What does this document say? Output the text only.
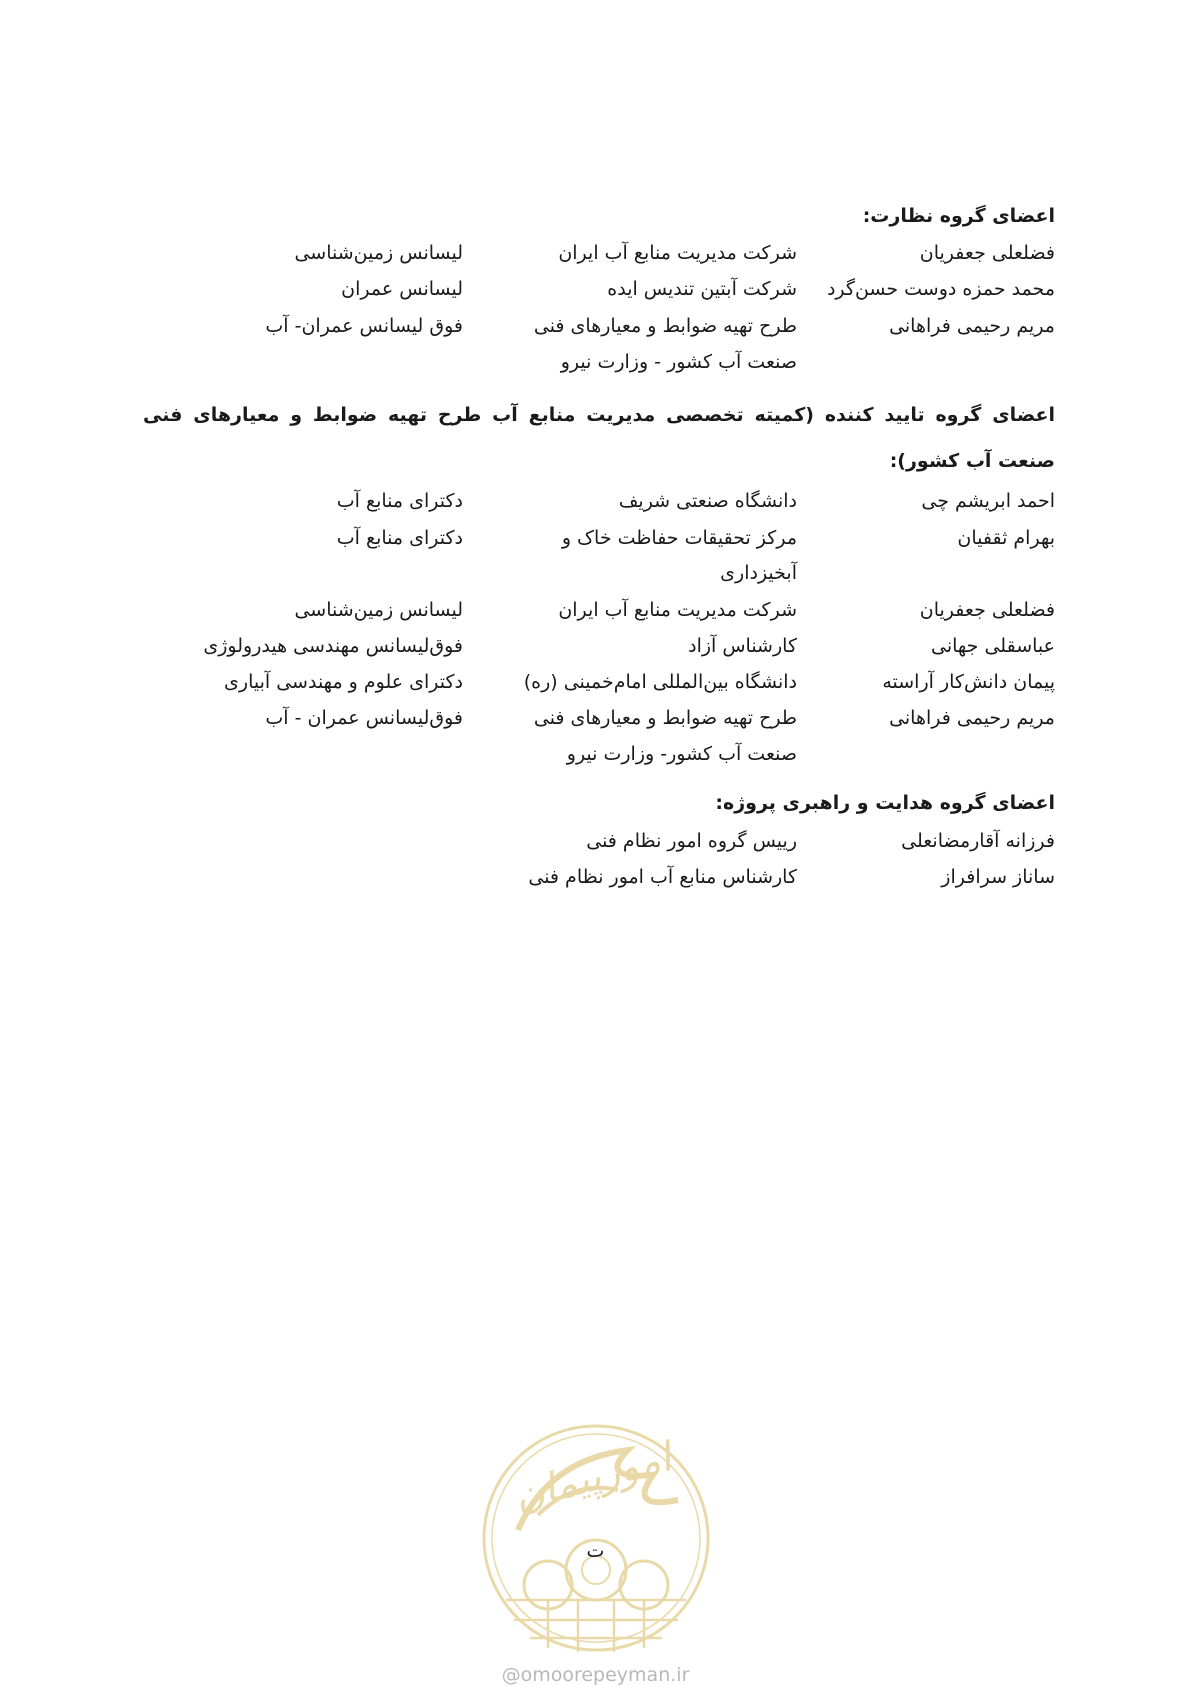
اعضای گروه نظارت:
فضلعلی جعفریان
شرکت مدیریت منابع آب ایران
لیسانس زمین‌شناسی
محمد حمزه دوست حسن‌گرد
شرکت آبتین تندیس ایده
لیسانس عمران
مریم رحیمی فراهانی
طرح تهیه ضوابط و معیارهای فنی
فوق لیسانس عمران- آب
صنعت آب کشور - وزارت نیرو
اعضای گروه تایید کننده (کمیته تخصصی مدیریت منابع آب طرح تهیه ضوابط و معیارهای فنی صنعت آب کشور):
احمد ابریشم چی
دانشگاه صنعتی شریف
دکترای منابع آب
بهرام ثقفیان
مرکز تحقیقات حفاظت خاک و
دکترای منابع آب
آبخیزداری
فضلعلی جعفریان
شرکت مدیریت منابع آب ایران
لیسانس زمین‌شناسی
عباسقلی جهانی
کارشناس آزاد
فوق‌لیسانس مهندسی هیدرولوژی
پیمان دانش‌کار آراسته
دانشگاه بین‌المللی امام‌خمینی (ره)
دکترای علوم و مهندسی آبیاری
مریم رحیمی فراهانی
طرح تهیه ضوابط و معیارهای فنی
فوق‌لیسانس عمران - آب
صنعت آب کشور- وزارت نیرو
اعضای گروه هدایت و راهبری پروژه:
فرزانه آقارمضانعلی
رییس گروه امور نظام فنی
ساناز سرافراز
کارشناس منابع آب امور نظام فنی
امورپیمان
ت
@omoorepeyman.ir
